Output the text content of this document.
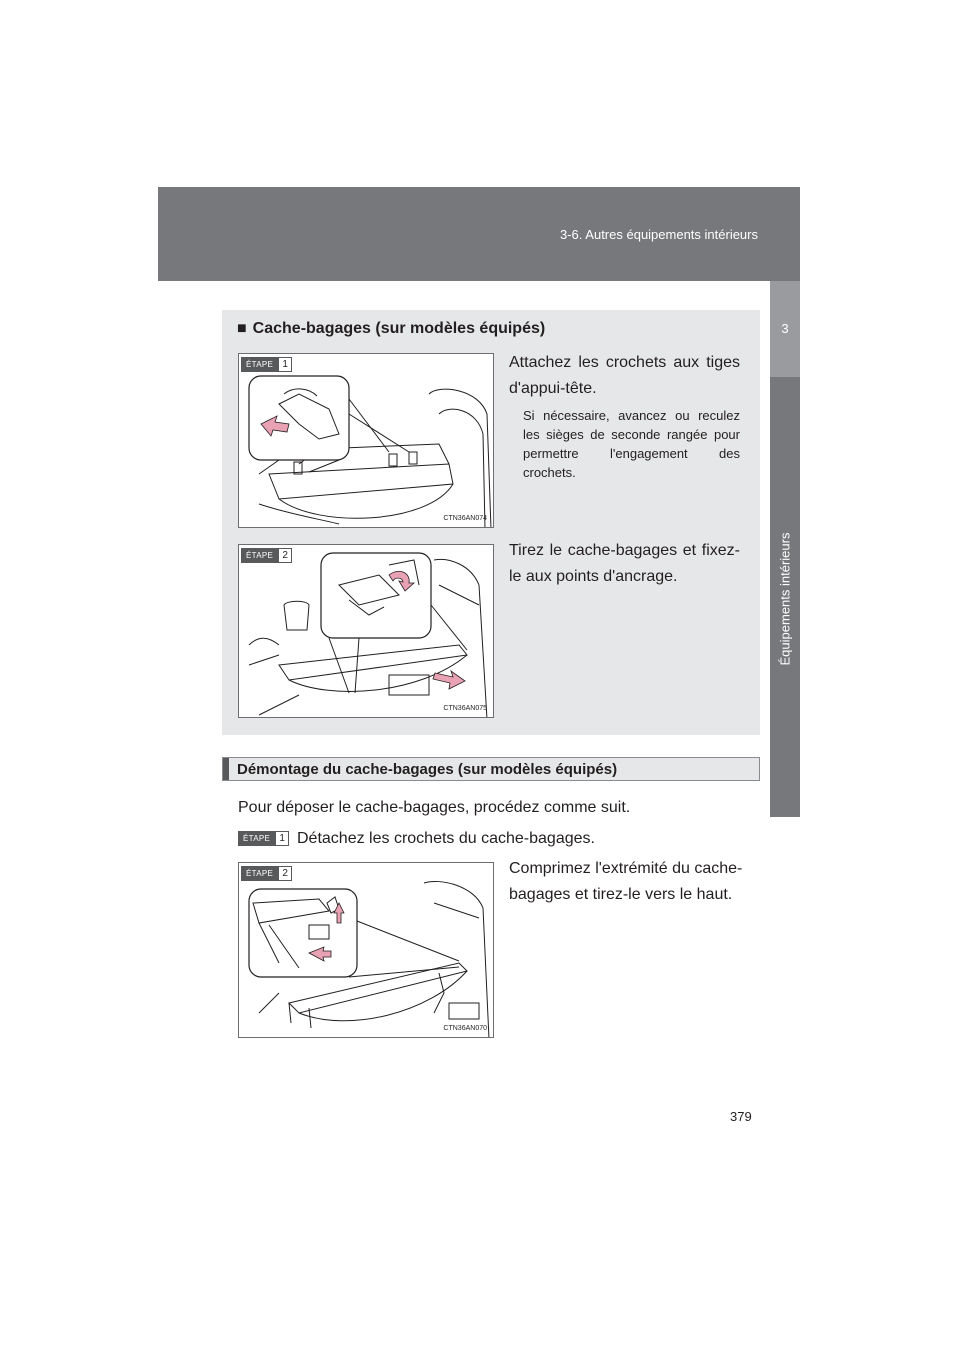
3-6. Autres équipements intérieurs
3
Équipements intérieurs
■ Cache-bagages (sur modèles équipés)
CTN36AN074
ÉTAPE 1	Attachez les crochets aux tiges d'appui-tête.
Si nécessaire, avancez ou reculez les sièges de seconde rangée pour permettre l'engagement des crochets.
CTN36AN075
ÉTAPE 2	Tirez le cache-bagages et fixez-le aux points d'ancrage.
Démontage du cache-bagages (sur modèles équipés)
Pour déposer le cache-bagages, procédez comme suit.
ÉTAPE 1 Détachez les crochets du cache-bagages.
CTN36AN070
ÉTAPE 2	Comprimez l'extrémité du cache-bagages et tirez-le vers le haut.
379
